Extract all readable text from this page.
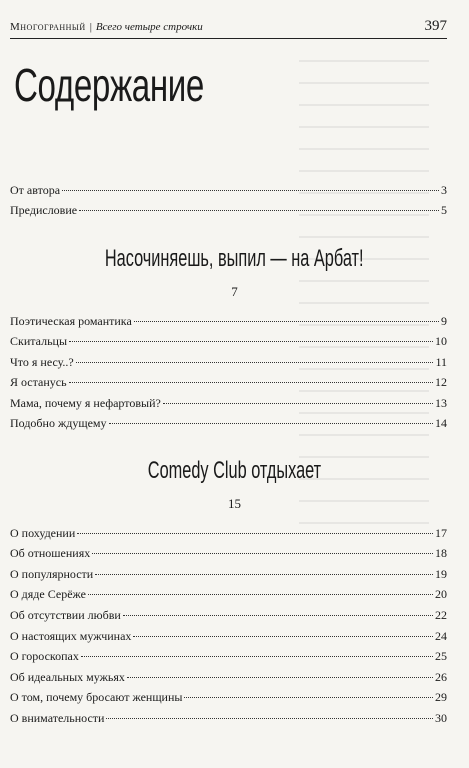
Многогранный | Всего четыре строчки	397
Содержание
От автора	3
Предисловие	5
Насочиняешь, выпил — на Арбат!
7
Поэтическая романтика	9
Скитальцы	10
Что я несу..?	11
Я останусь	12
Мама, почему я нефартовый?	13
Подобно ждущему	14
Comedy Club отдыхает
15
О похудении	17
Об отношениях	18
О популярности	19
О дяде Серёже	20
Об отсутствии любви	22
О настоящих мужчинах	24
О гороскопах	25
Об идеальных мужьях	26
О том, почему бросают женщины	29
О внимательности	30
